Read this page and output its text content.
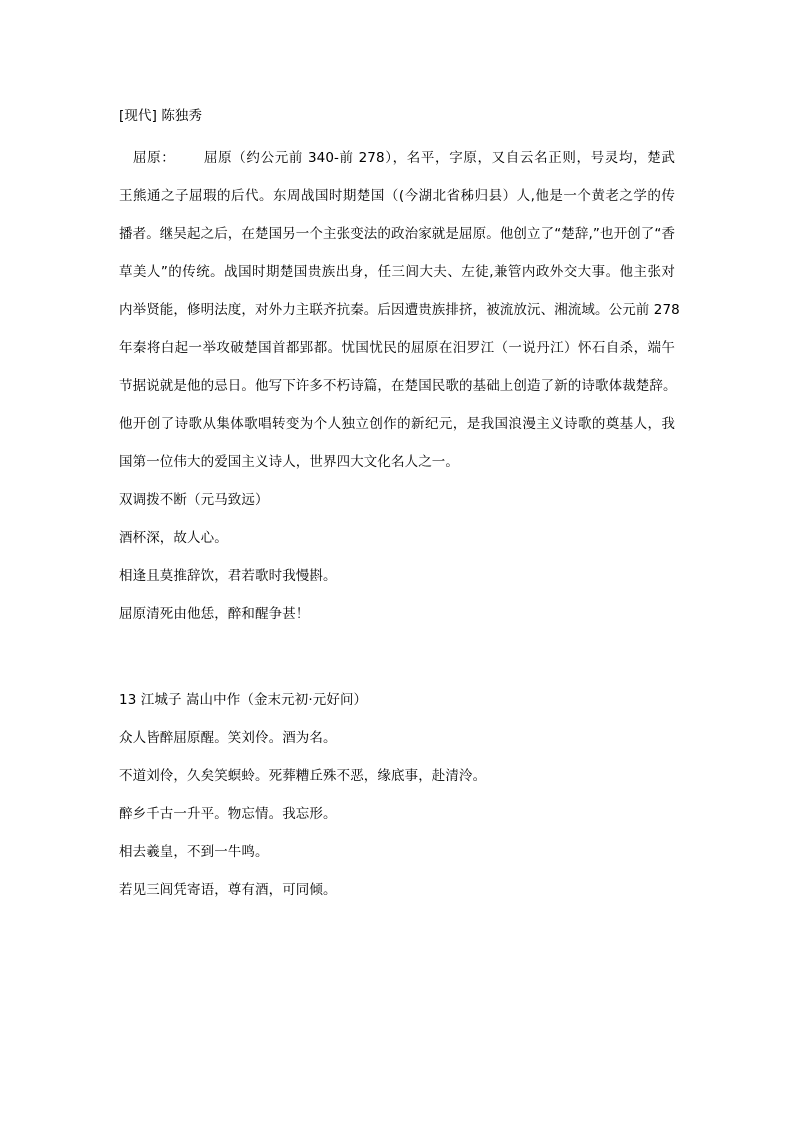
[现代] 陈独秀
屈原： 屈原（约公元前 340-前 278），名平，字原，又自云名正则，号灵均，楚武
王熊通之子屈瑕的后代。东周战国时期楚国（(今湖北省秭归县）人,他是一个黄老之学的传
播者。继吴起之后，在楚国另一个主张变法的政治家就是屈原。他创立了“楚辞,”也开创了“香
草美人”的传统。战国时期楚国贵族出身，任三闾大夫、左徒,兼管内政外交大事。他主张对
内举贤能，修明法度，对外力主联齐抗秦。后因遭贵族排挤，被流放沅、湘流域。公元前 278
年秦将白起一举攻破楚国首都郢都。忧国忧民的屈原在汨罗江（一说丹江）怀石自杀，端午
节据说就是他的忌日。他写下许多不朽诗篇，在楚国民歌的基础上创造了新的诗歌体裁楚辞。
他开创了诗歌从集体歌唱转变为个人独立创作的新纪元，是我国浪漫主义诗歌的奠基人，我
国第一位伟大的爱国主义诗人，世界四大文化名人之一。
双调拨不断（元马致远）
酒杯深，故人心。
相逢且莫推辞饮，君若歌时我慢斟。
屈原清死由他恁，醉和醒争甚！
13 江城子 嵩山中作（金末元初·元好问）
众人皆醉屈原醒。笑刘伶。酒为名。
不道刘伶，久矣笑螟蛉。死葬糟丘殊不恶，缘底事，赴清泠。
醉乡千古一升平。物忘情。我忘形。
相去羲皇，不到一牛鸣。
若见三闾凭寄语，尊有酒，可同倾。
